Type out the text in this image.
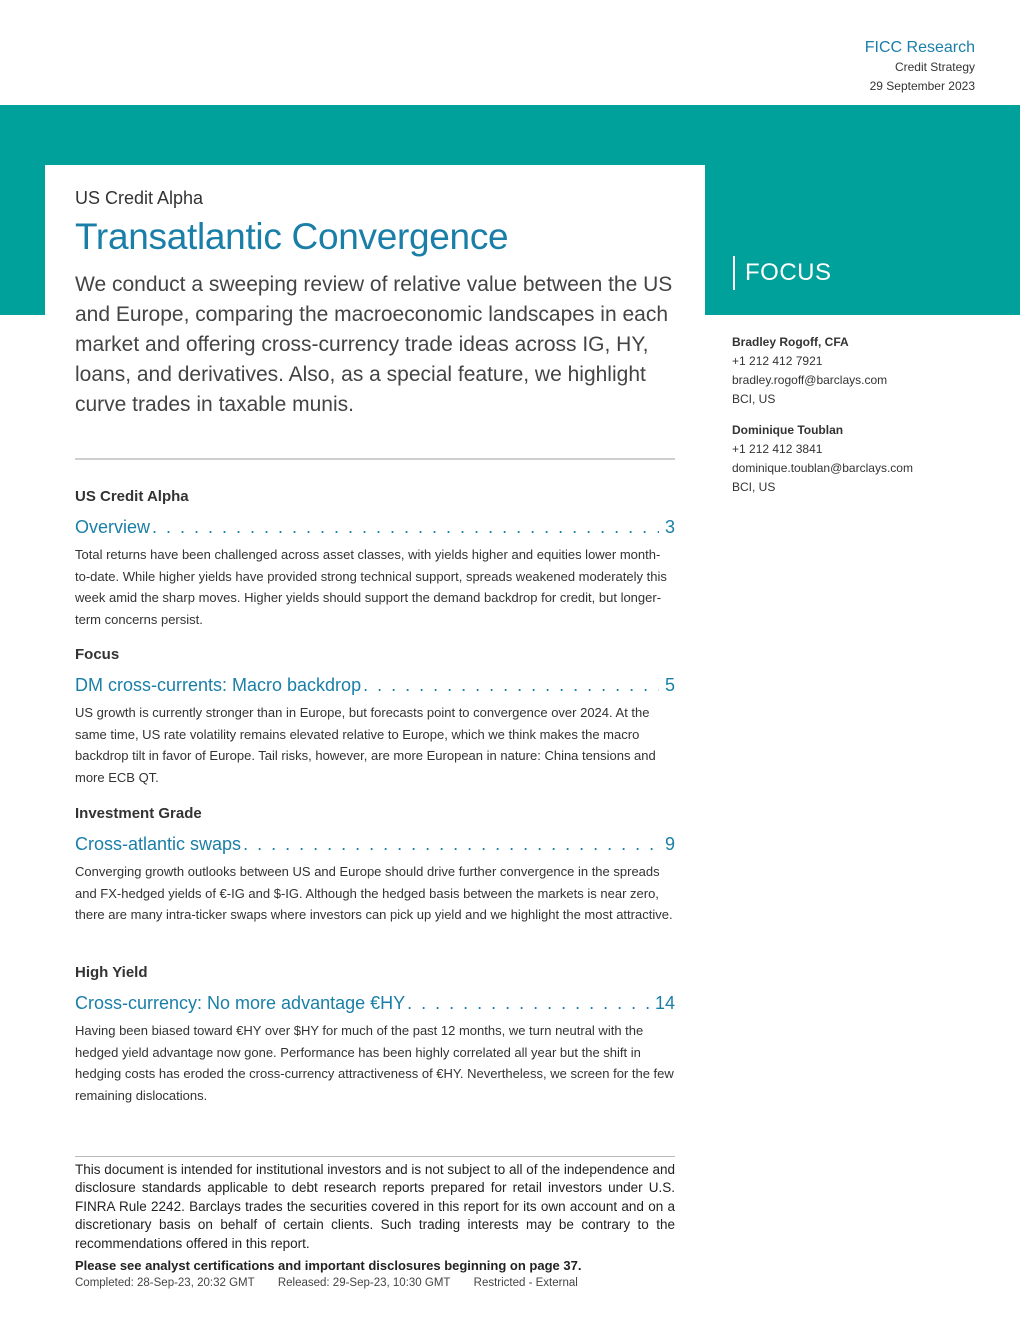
FICC Research
Credit Strategy
29 September 2023
US Credit Alpha
Transatlantic Convergence
We conduct a sweeping review of relative value between the US and Europe, comparing the macroeconomic landscapes in each market and offering cross-currency trade ideas across IG, HY, loans, and derivatives. Also, as a special feature, we highlight curve trades in taxable munis.
US Credit Alpha
Overview . . .	3
Total returns have been challenged across asset classes, with yields higher and equities lower month-to-date. While higher yields have provided strong technical support, spreads weakened moderately this week amid the sharp moves. Higher yields should support the demand backdrop for credit, but longer-term concerns persist.
Focus
DM cross-currents: Macro backdrop . . .	5
US growth is currently stronger than in Europe, but forecasts point to convergence over 2024. At the same time, US rate volatility remains elevated relative to Europe, which we think makes the macro backdrop tilt in favor of Europe. Tail risks, however, are more European in nature: China tensions and more ECB QT.
Investment Grade
Cross-atlantic swaps . . .	9
Converging growth outlooks between US and Europe should drive further convergence in the spreads and FX-hedged yields of €-IG and $-IG. Although the hedged basis between the markets is near zero, there are many intra-ticker swaps where investors can pick up yield and we highlight the most attractive.
High Yield
Cross-currency: No more advantage €HY . . .	14
Having been biased toward €HY over $HY for much of the past 12 months, we turn neutral with the hedged yield advantage now gone. Performance has been highly correlated all year but the shift in hedging costs has eroded the cross-currency attractiveness of €HY. Nevertheless, we screen for the few remaining dislocations.
FOCUS
Bradley Rogoff, CFA
+1 212 412 7921
bradley.rogoff@barclays.com
BCI, US
Dominique Toublan
+1 212 412 3841
dominique.toublan@barclays.com
BCI, US
This document is intended for institutional investors and is not subject to all of the independence and disclosure standards applicable to debt research reports prepared for retail investors under U.S. FINRA Rule 2242. Barclays trades the securities covered in this report for its own account and on a discretionary basis on behalf of certain clients. Such trading interests may be contrary to the recommendations offered in this report.
Please see analyst certifications and important disclosures beginning on page 37.
Completed: 28-Sep-23, 20:32 GMT Released: 29-Sep-23, 10:30 GMT Restricted - External
